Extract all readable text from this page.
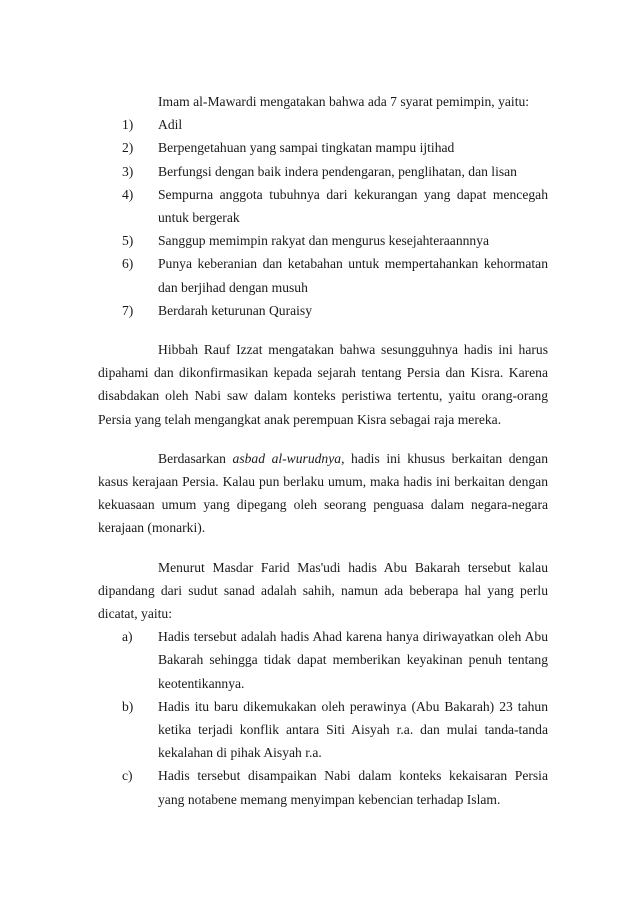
Imam al-Mawardi mengatakan bahwa ada 7 syarat pemimpin, yaitu:

1) Adil
2) Berpengetahuan yang sampai tingkatan mampu ijtihad
3) Berfungsi dengan baik indera pendengaran, penglihatan, dan lisan
4) Sempurna anggota tubuhnya dari kekurangan yang dapat mencegah untuk bergerak
5) Sanggup memimpin rakyat dan mengurus kesejahteraannnya
6) Punya keberanian dan ketabahan untuk mempertahankan kehormatan dan berjihad dengan musuh
7) Berdarah keturunan Quraisy

Hibbah Rauf Izzat mengatakan bahwa sesungguhnya hadis ini harus dipahami dan dikonfirmasikan kepada sejarah tentang Persia dan Kisra. Karena disabdakan oleh Nabi saw dalam konteks peristiwa tertentu, yaitu orang-orang Persia yang telah mengangkat anak perempuan Kisra sebagai raja mereka.

Berdasarkan asbad al-wurudnya, hadis ini khusus berkaitan dengan kasus kerajaan Persia. Kalau pun berlaku umum, maka hadis ini berkaitan dengan kekuasaan umum yang dipegang oleh seorang penguasa dalam negara-negara kerajaan (monarki).

Menurut Masdar Farid Mas'udi hadis Abu Bakarah tersebut kalau dipandang dari sudut sanad adalah sahih, namun ada beberapa hal yang perlu dicatat, yaitu:

a) Hadis tersebut adalah hadis Ahad karena hanya diriwayatkan oleh Abu Bakarah sehingga tidak dapat memberikan keyakinan penuh tentang keotentikannya.
b) Hadis itu baru dikemukakan oleh perawinya (Abu Bakarah) 23 tahun ketika terjadi konflik antara Siti Aisyah r.a. dan mulai tanda-tanda kekalahan di pihak Aisyah r.a.
c) Hadis tersebut disampaikan Nabi dalam konteks kekaisaran Persia yang notabene memang menyimpan kebencian terhadap Islam.
